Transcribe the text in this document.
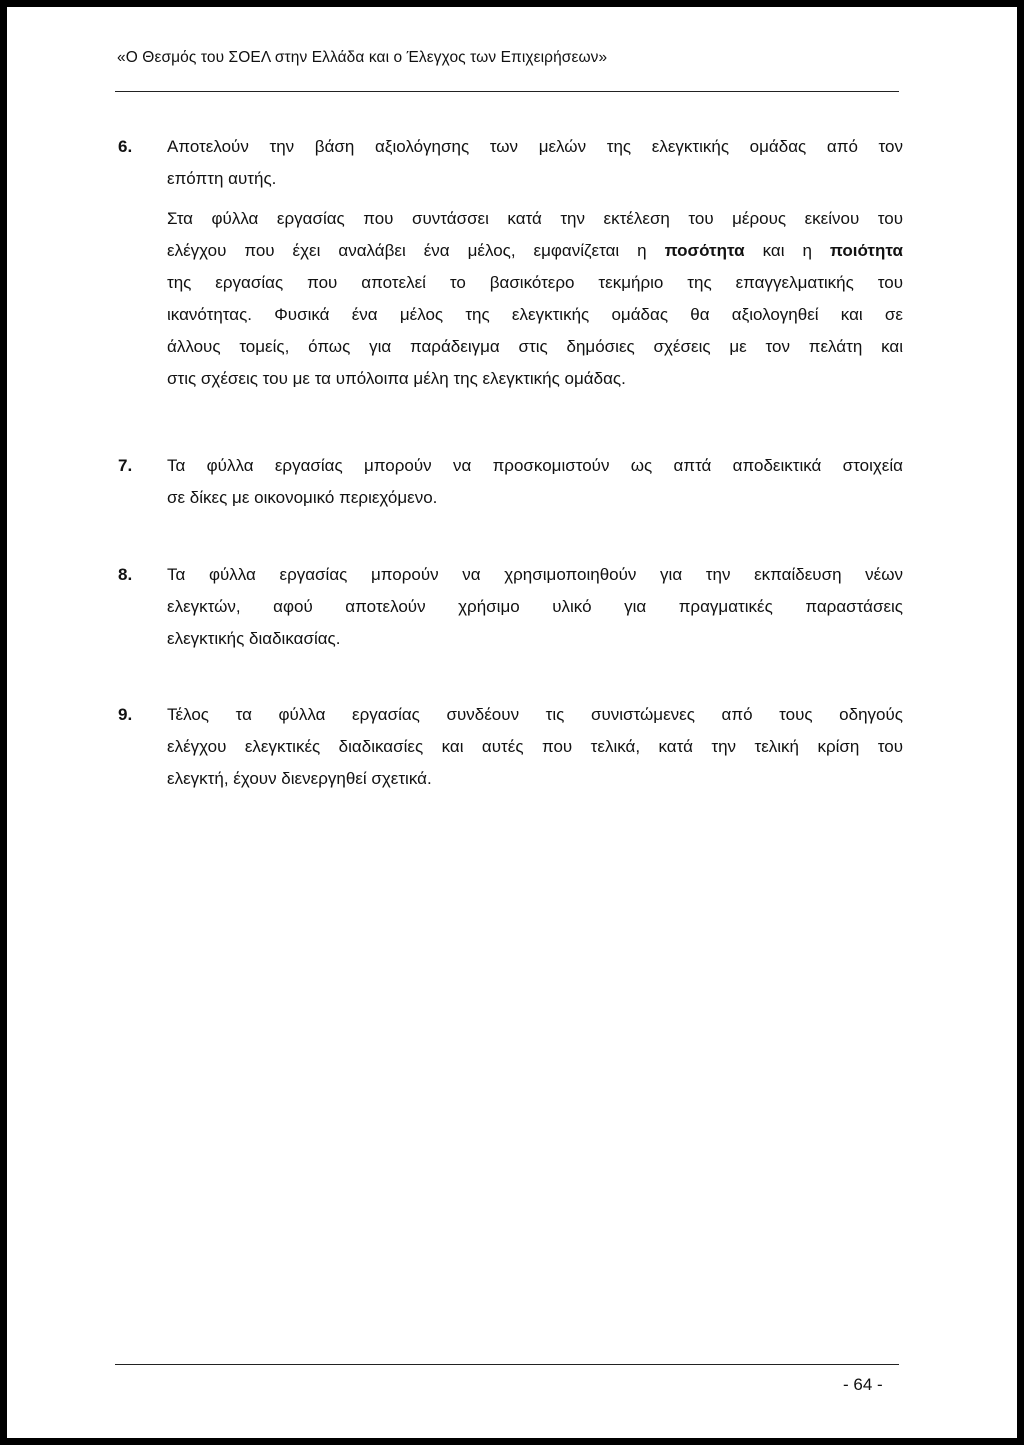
«Ο Θεσμός του ΣΟΕΛ στην Ελλάδα και ο Έλεγχος των Επιχειρήσεων»
6. Αποτελούν την βάση αξιολόγησης των μελών της ελεγκτικής ομάδας από τον
επόπτη αυτής.
Στα φύλλα εργασίας που συντάσσει κατά την εκτέλεση του μέρους εκείνου του
ελέγχου που έχει αναλάβει ένα μέλος, εμφανίζεται η ποσότητα και η ποιότητα
της εργασίας που αποτελεί το βασικότερο τεκμήριο της επαγγελματικής του
ικανότητας. Φυσικά ένα μέλος της ελεγκτικής ομάδας θα αξιολογηθεί και σε
άλλους τομείς, όπως για παράδειγμα στις δημόσιες σχέσεις με τον πελάτη και
στις σχέσεις του με τα υπόλοιπα μέλη της ελεγκτικής ομάδας.
7. Τα φύλλα εργασίας μπορούν να προσκομιστούν ως απτά αποδεικτικά στοιχεία
σε δίκες με οικονομικό περιεχόμενο.
8. Τα φύλλα εργασίας μπορούν να χρησιμοποιηθούν για την εκπαίδευση νέων
ελεγκτών, αφού αποτελούν χρήσιμο υλικό για πραγματικές παραστάσεις
ελεγκτικής διαδικασίας.
9. Τέλος τα φύλλα εργασίας συνδέουν τις συνιστώμενες από τους οδηγούς
ελέγχου ελεγκτικές διαδικασίες και αυτές που τελικά, κατά την τελική κρίση του
ελεγκτή, έχουν διενεργηθεί σχετικά.
- 64 -
